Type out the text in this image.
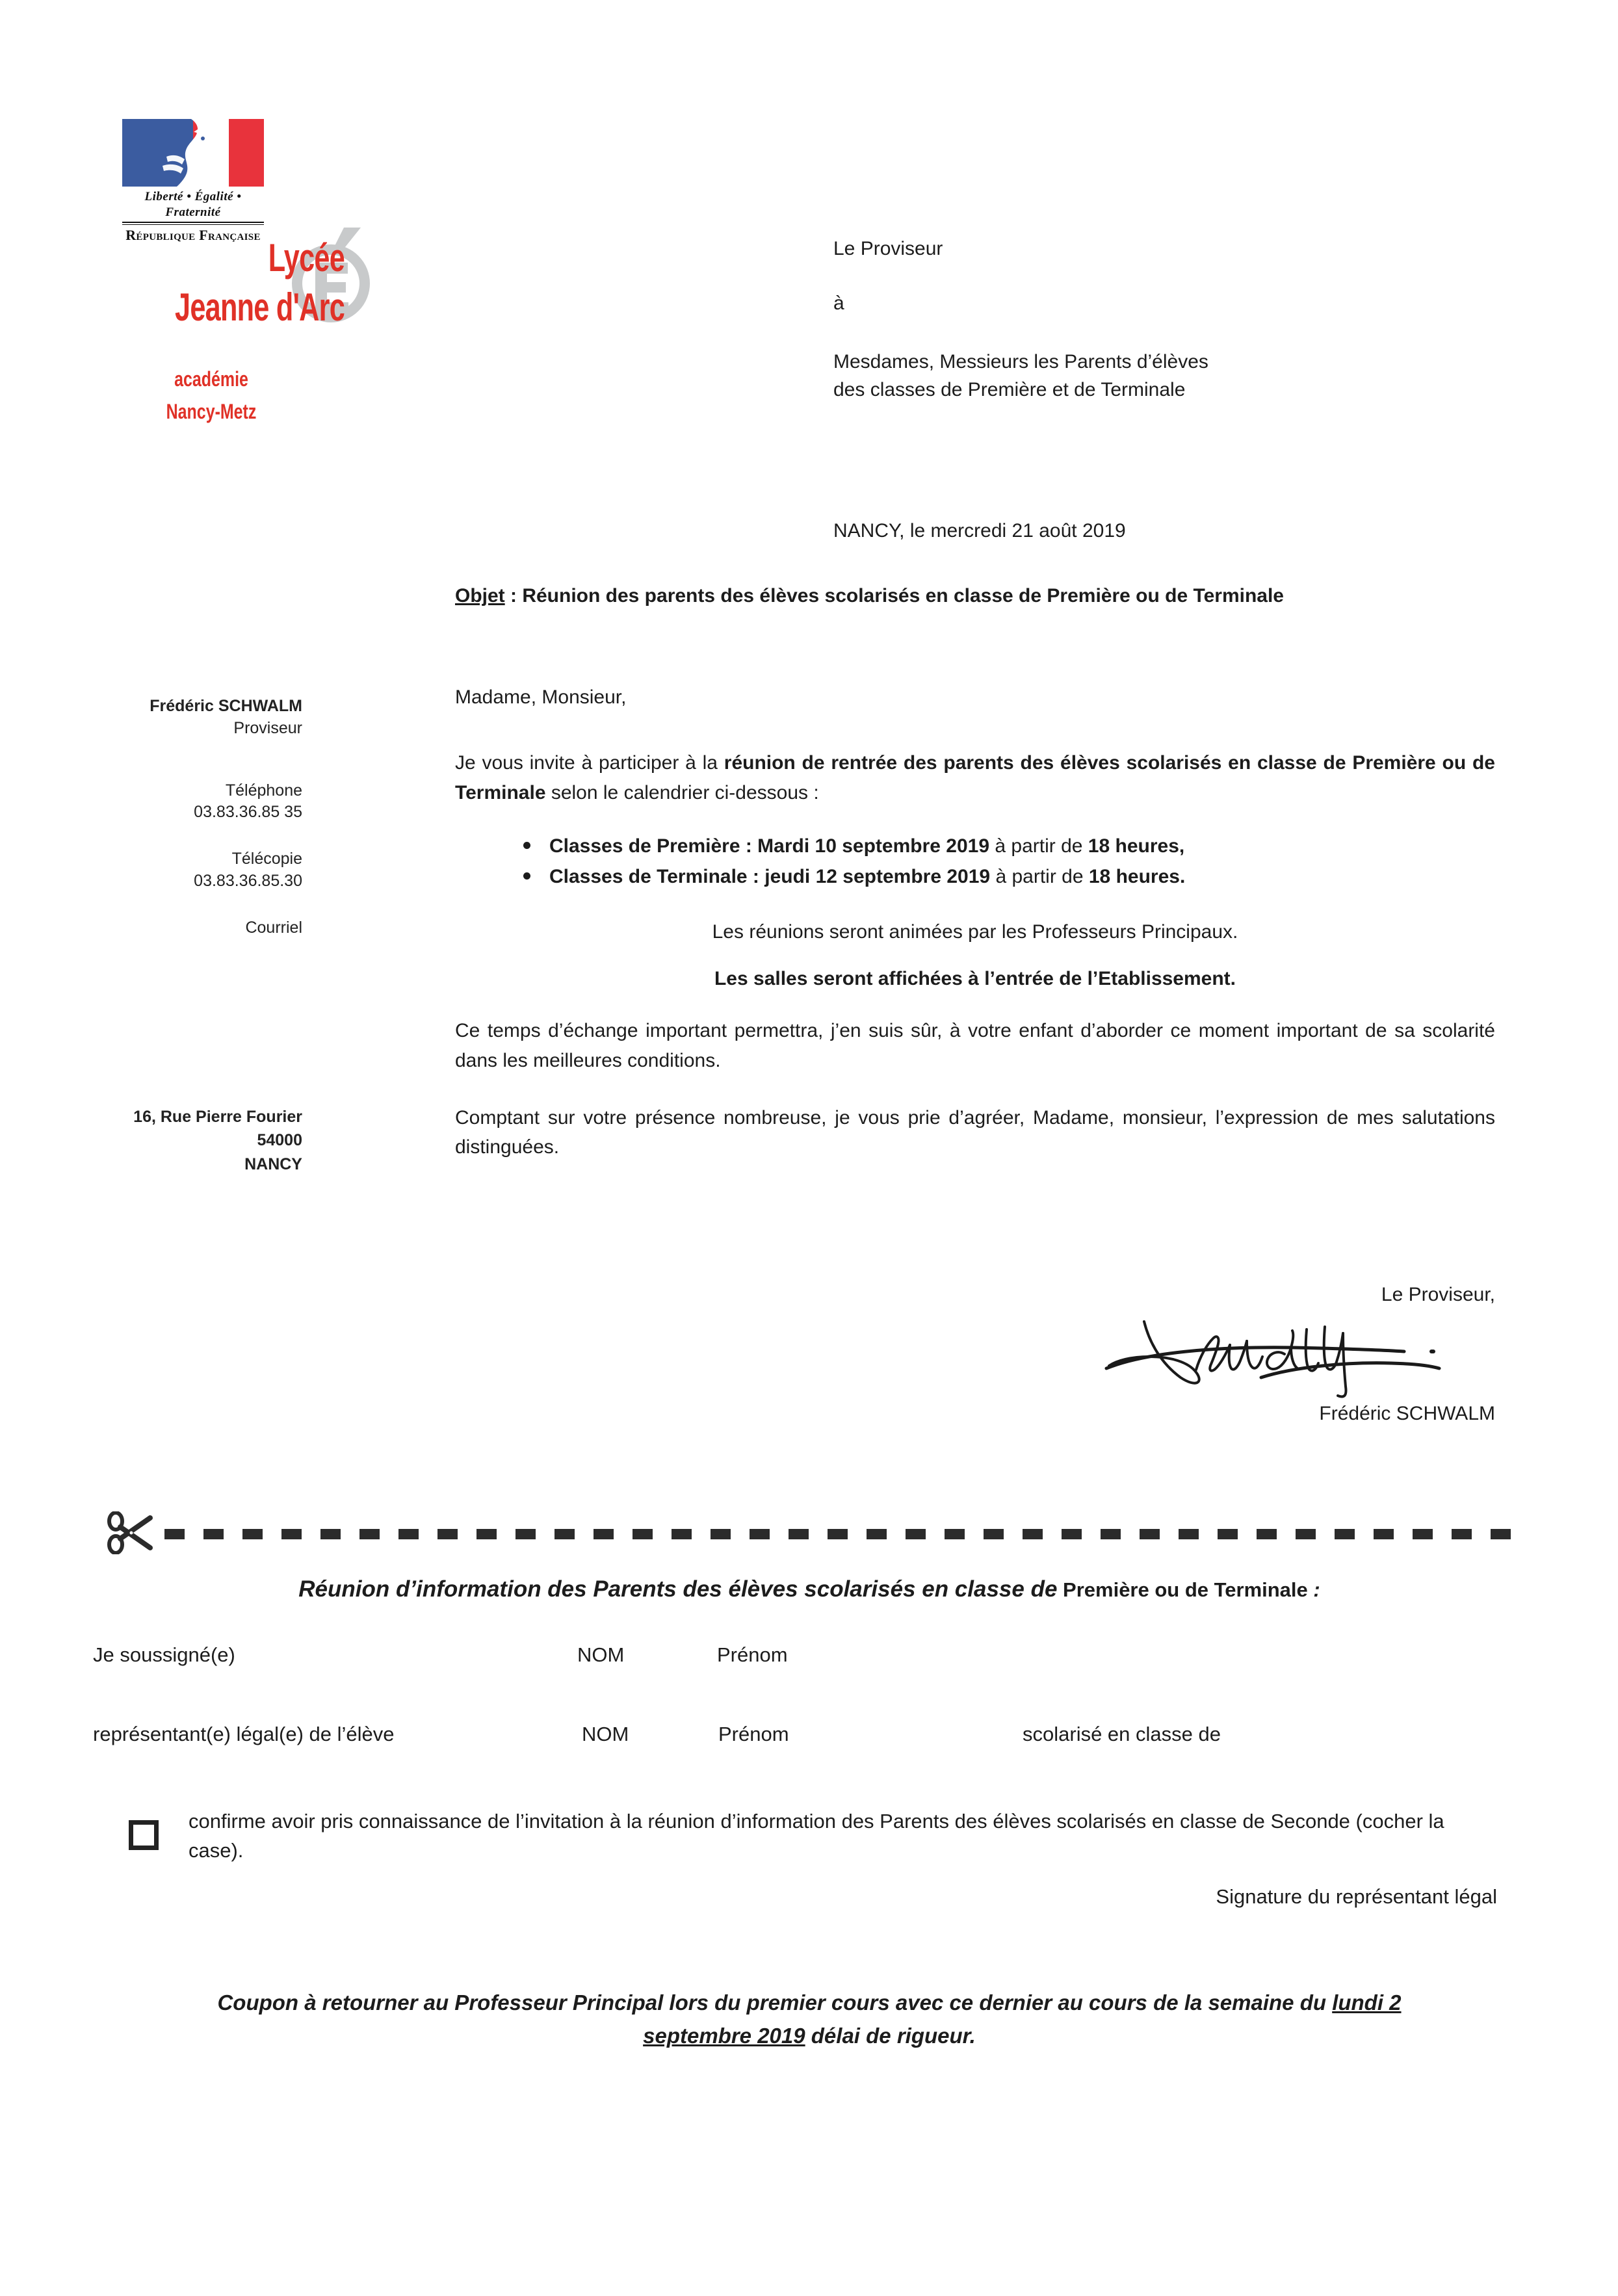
Liberté • Égalité • Fraternité
République Française
Lycée
Jeanne d'Arc
académie
Nancy-Metz
Frédéric SCHWALM
Proviseur
Téléphone
03.83.36.85 35
Télécopie
03.83.36.85.30
Courriel
16, Rue Pierre Fourier
54000
NANCY
Le Proviseur
à
Mesdames, Messieurs les Parents d’élèves
des classes de Première et de Terminale
NANCY, le mercredi 21 août 2019
Objet : Réunion des parents des élèves scolarisés en classe de Première ou de Terminale

Madame, Monsieur,

Je vous invite à participer à la réunion de rentrée des parents des élèves scolarisés en classe de Première ou de Terminale selon le calendrier ci-dessous :

Classes de Première : Mardi 10 septembre 2019 à partir de 18 heures,
Classes de Terminale : jeudi 12 septembre 2019 à partir de 18 heures.

Les réunions seront animées par les Professeurs Principaux.

Les salles seront affichées à l’entrée de l’Etablissement.

Ce temps d’échange important permettra, j’en suis sûr, à votre enfant d’aborder ce moment important de sa scolarité dans les meilleures conditions.

Comptant sur votre présence nombreuse, je vous prie d’agréer, Madame, monsieur, l’expression de mes salutations distinguées.

Le Proviseur,
Frédéric SCHWALM
Réunion d’information des Parents des élèves scolarisés en classe de Première ou de Terminale :
Je soussigné(e)	NOM	Prénom
représentant(e) légal(e) de l’élève	NOM	Prénom	scolarisé en classe de
confirme avoir pris connaissance de l’invitation à la réunion d’information des Parents des élèves scolarisés en classe de Seconde (cocher la case).
Signature du représentant légal
Coupon à retourner au Professeur Principal lors du premier cours avec ce dernier au cours de la semaine du lundi 2 septembre 2019 délai de rigueur.
